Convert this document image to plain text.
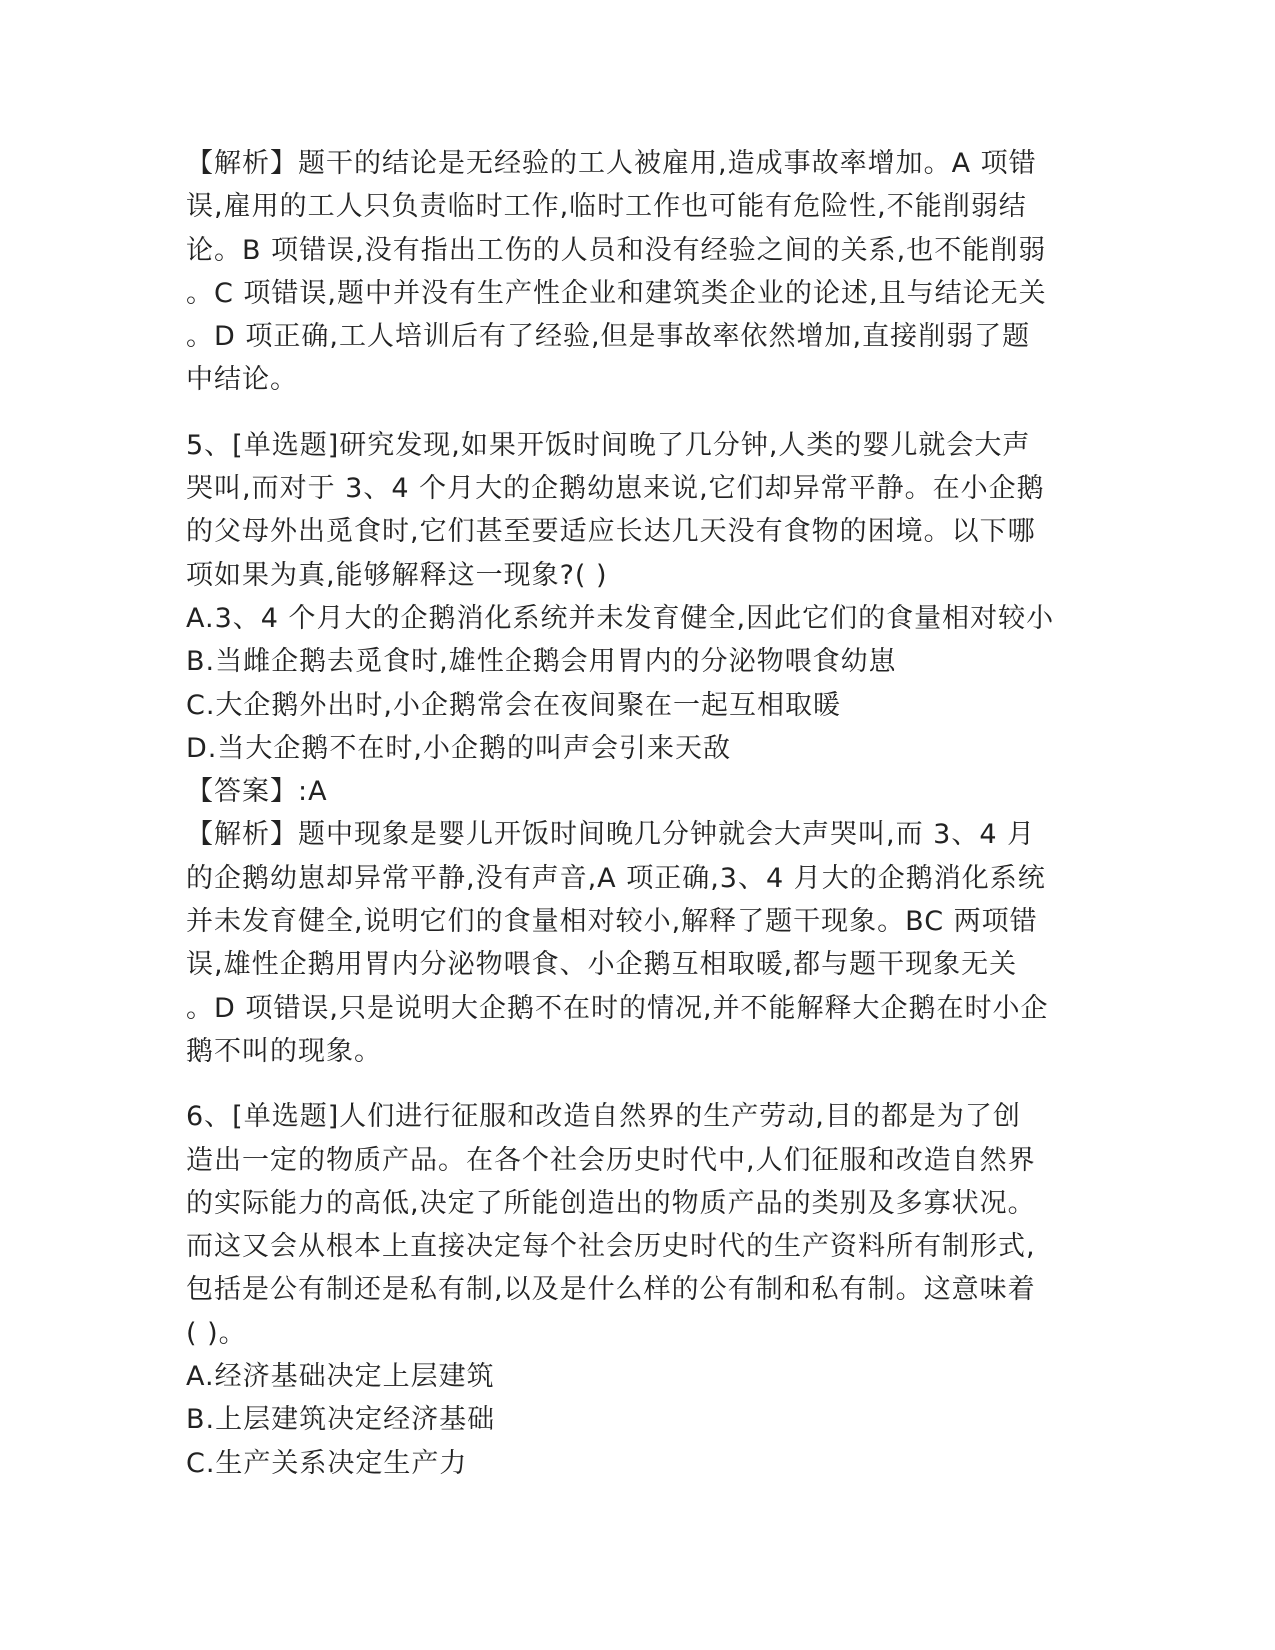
【解析】题干的结论是无经验的工人被雇用,造成事故率增加。A 项错
误,雇用的工人只负责临时工作,临时工作也可能有危险性,不能削弱结
论。B 项错误,没有指出工伤的人员和没有经验之间的关系,也不能削弱
。C 项错误,题中并没有生产性企业和建筑类企业的论述,且与结论无关
。D 项正确,工人培训后有了经验,但是事故率依然增加,直接削弱了题
中结论。
5、[单选题]研究发现,如果开饭时间晚了几分钟,人类的婴儿就会大声
哭叫,而对于 3、4 个月大的企鹅幼崽来说,它们却异常平静。在小企鹅
的父母外出觅食时,它们甚至要适应长达几天没有食物的困境。以下哪
项如果为真,能够解释这一现象?( )
A.3、4 个月大的企鹅消化系统并未发育健全,因此它们的食量相对较小
B.当雌企鹅去觅食时,雄性企鹅会用胃内的分泌物喂食幼崽
C.大企鹅外出时,小企鹅常会在夜间聚在一起互相取暖
D.当大企鹅不在时,小企鹅的叫声会引来天敌
【答案】:A
【解析】题中现象是婴儿开饭时间晚几分钟就会大声哭叫,而 3、4 月
的企鹅幼崽却异常平静,没有声音,A 项正确,3、4 月大的企鹅消化系统
并未发育健全,说明它们的食量相对较小,解释了题干现象。BC 两项错
误,雄性企鹅用胃内分泌物喂食、小企鹅互相取暖,都与题干现象无关
。D 项错误,只是说明大企鹅不在时的情况,并不能解释大企鹅在时小企
鹅不叫的现象。
6、[单选题]人们进行征服和改造自然界的生产劳动,目的都是为了创
造出一定的物质产品。在各个社会历史时代中,人们征服和改造自然界
的实际能力的高低,决定了所能创造出的物质产品的类别及多寡状况。
而这又会从根本上直接决定每个社会历史时代的生产资料所有制形式,
包括是公有制还是私有制,以及是什么样的公有制和私有制。这意味着
( )。
A.经济基础决定上层建筑
B.上层建筑决定经济基础
C.生产关系决定生产力
